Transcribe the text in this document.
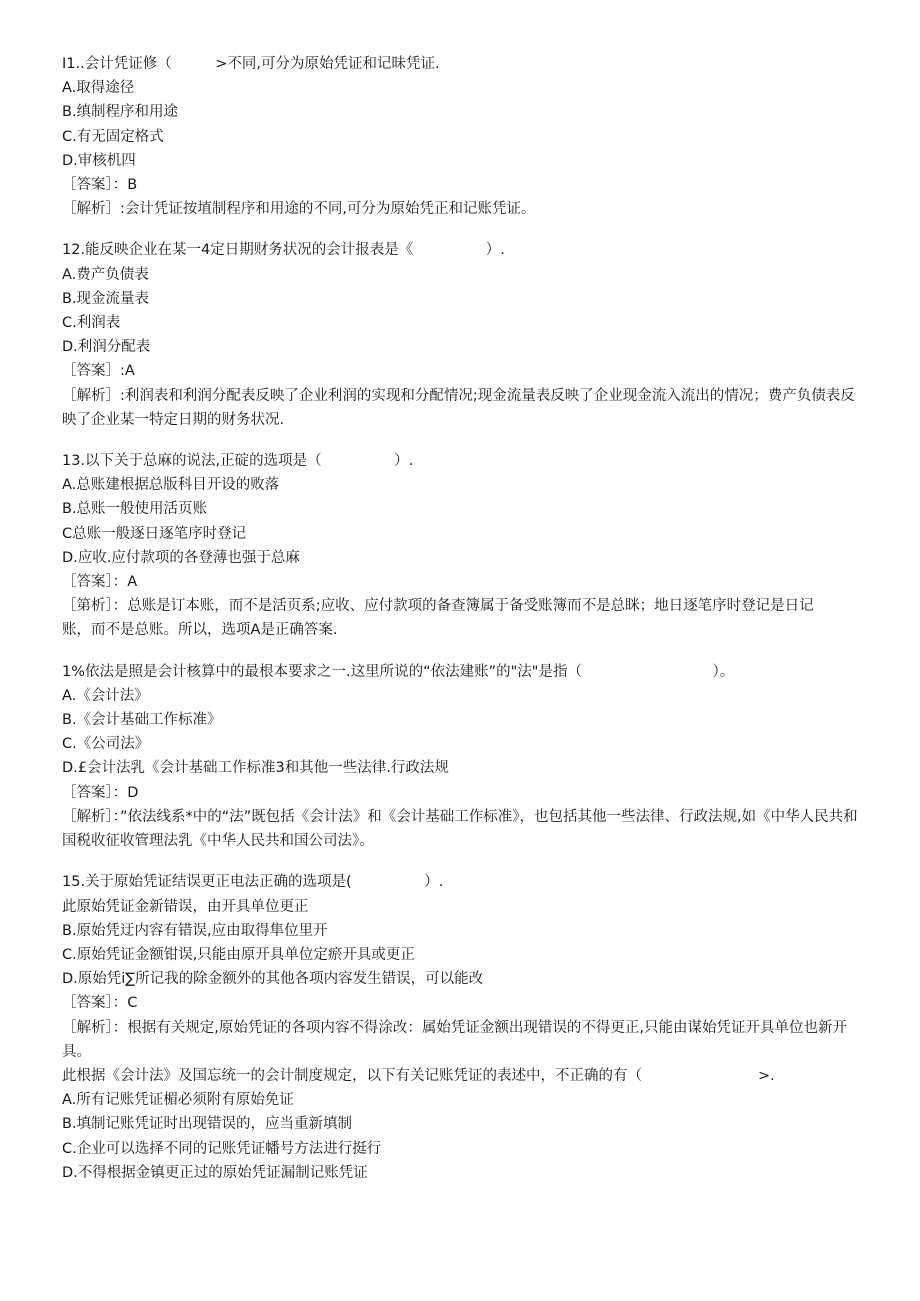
I1..会计凭证修（　　　>不同,可分为原始凭证和记昧凭证.
A.取得途径
B.缜制程序和用途
C.有无固定格式
D.审核机四
［答案］：B
［解析］:会计凭证按埴制程序和用途的不同,可分为原始凭正和记账凭证。
12.能反映企业在某一4定日期财务状况的会计报表是《　　　　　）.
A.费产负债表
B.现金流量表
C.利润表
D.利润分配表
［答案］:A
［解析］:利润表和利润分配表反映了企业利润的实现和分配情况;现金流量表反映了企业现金流入流出的情况；费产负债表反映了企业某一特定日期的财务状况.
13.以下关于总麻的说法,正碇的选项是（　　　　　）.
A.总账建根据总版科目开设的败落
B.总账一般使用活页账
C总账一般逐日逐笔序时登记
D.应收.应付款项的各登薄也强于总麻
［答案］：A
［第析］：总账是订本账，而不是活页系;应收、应付款项的备查簿属于备受账簿而不是总眯；地日逐笔序时登记是日记账，而不是总账。所以，选项A是正确答案.
1%依法是照是会计核算中的最根本要求之一.这里所说的“依法建账”的"法"是指（　　　　　　　　　）。
A.《会计法》
B.《会计基础工作标准》
C.《公司法》
D.£会计法乳《会计基础工作标准3和其他一些法律.行政法规
［答案］：D
［解析］：”依法线系*中的“法”既包括《会计法》和《会计基础工作标准》，也包括其他一些法律、行政法规,如《中华人民共和国税收征收管理法乳《中华人民共和国公司法》。
15.关于原始凭证结误更正电法正确的选项是(　　　　　）.
此原始凭证金新错误，由开具单位更正
B.原始凭迂内容有错误,应由取得隼位里开
C.原始凭证金额钳误,只能由原开具单位定瘀开具或更正
D.原始凭i∑所记我的除金额外的其他各项内容发生错误，可以能改
［答案］：C
［解析］：根据有关规定,原始凭证的各项内容不得涂改：属始凭证金额出现错误的不得更正,只能由谋始凭证开具单位也新开具。
此根据《会计法》及国忘统一的会计制度规定，以下有关记账凭证的表述中，不正确的有（　　　　　　　　>.
A.所有记账凭证楣必须附有原始免证
B.填制记账凭证时出现错误的，应当重新填制
C.企业可以选择不同的记账凭证幡号方法进行挺行
D.不得根据金镇更正过的原始凭证漏制记账凭证
